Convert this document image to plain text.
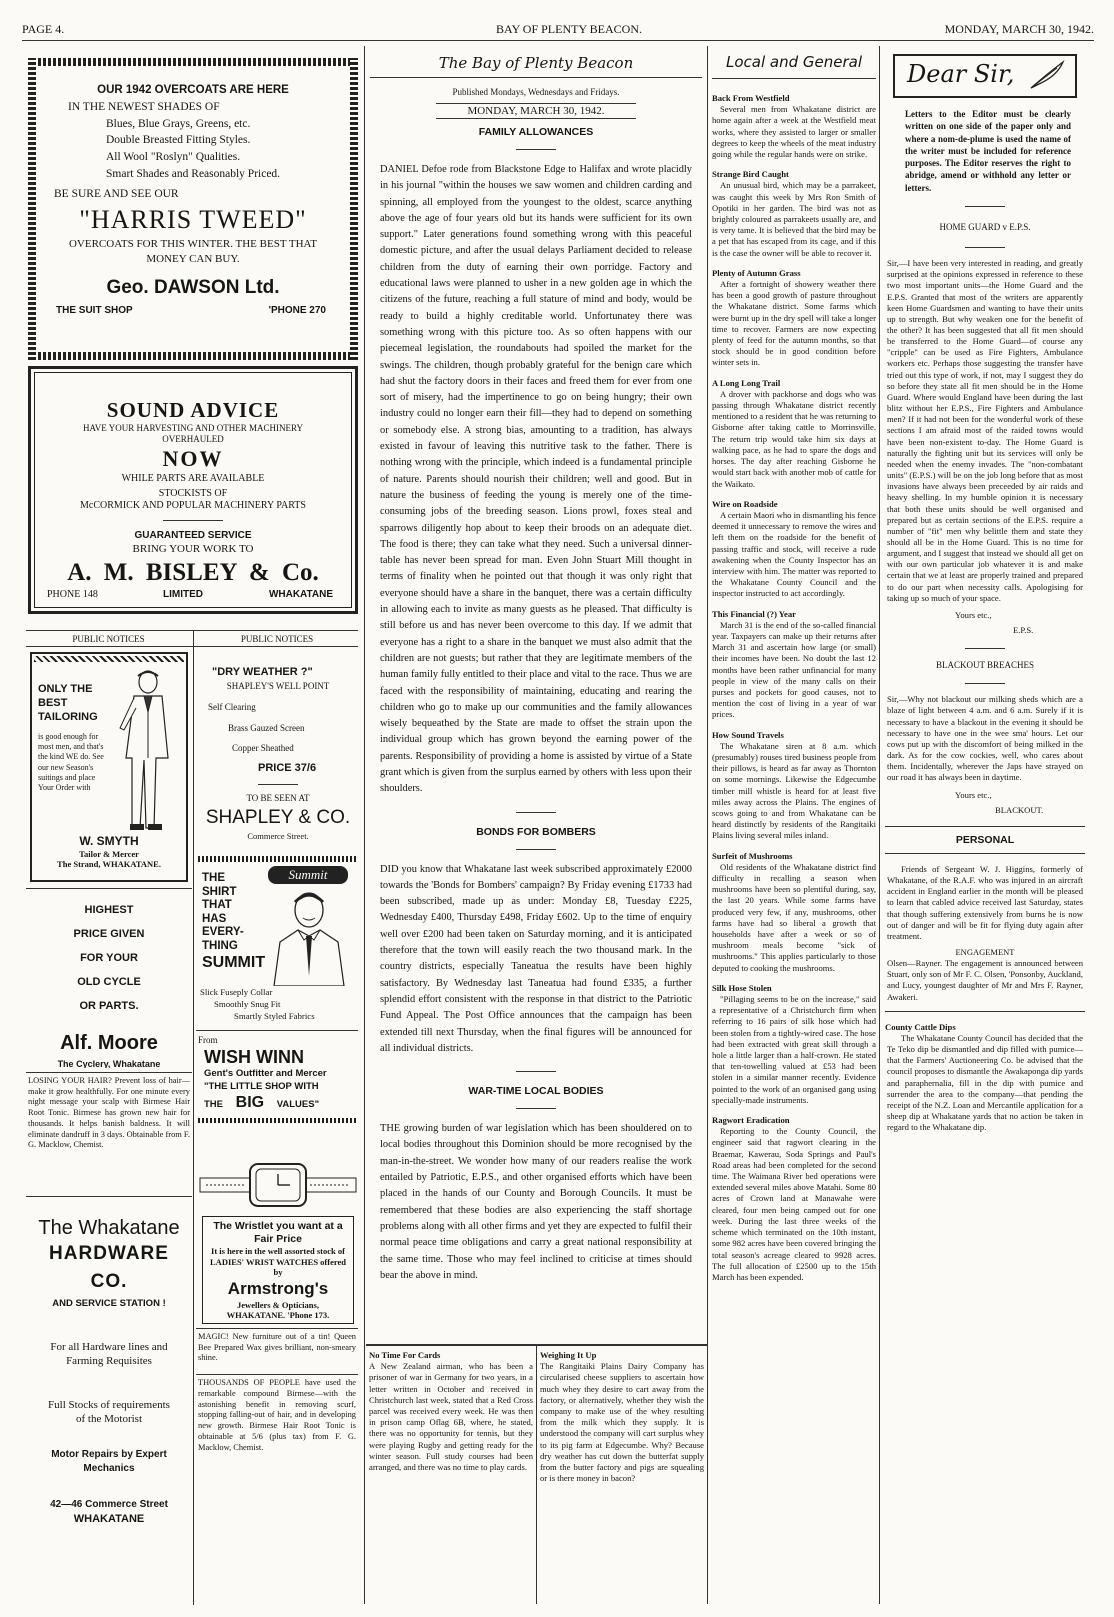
PAGE 4.	BAY OF PLENTY BEACON.	MONDAY, MARCH 30, 1942.

OUR 1942 OVERCOATS ARE HERE

IN THE NEWEST SHADES OF

Blues, Blue Grays, Greens, etc.

Double Breasted Fitting Styles.

All Wool "Roslyn" Qualities.

Smart Shades and Reasonably Priced.

BE SURE AND SEE OUR

"HARRIS TWEED"

OVERCOATS FOR THIS WINTER. THE BEST THAT MONEY CAN BUY.

Geo. DAWSON Ltd.

THE SUIT SHOP	'PHONE 270

SOUND ADVICE

HAVE YOUR HARVESTING AND OTHER MACHINERY OVERHAULED

NOW

WHILE PARTS ARE AVAILABLE

STOCKISTS OF

McCORMICK AND POPULAR MACHINERY PARTS

GUARANTEED SERVICE

BRING YOUR WORK TO

A. M. BISLEY & Co.

PHONE 148	LIMITED	WHAKATANE
PUBLIC NOTICES	PUBLIC NOTICES

ONLY THE

BEST

TAILORING

is good enough for most men, and that's the kind WE do. See our new Season's suitings and place Your Order with

W. SMYTH

Tailor & Mercer

The Strand, WHAKATANE.

"DRY WEATHER ?"

SHAPLEY'S WELL POINT

Self Clearing

Brass Gauzed Screen

Copper Sheathed

PRICE 37/6

TO BE SEEN AT

SHAPLEY & CO.

Commerce Street.

HIGHEST

PRICE GIVEN

FOR YOUR

OLD CYCLE

OR PARTS.

Alf. Moore

The Cyclery, Whakatane

LOSING YOUR HAIR? Prevent loss of hair—make it grow healthfully. For one minute every night message your scalp with Birmese Hair Root Tonic. Birmese has grown new hair for thousands. It helps banish baldness. It will eliminate dandruff in 3 days. Obtainable from F. G. Macklow, Chemist.

The Whakatane

HARDWARE CO.

AND SERVICE STATION !

For all Hardware lines and Farming Requisites

Full Stocks of requirements of the Motorist

Motor Repairs by Expert Mechanics

42—46 Commerce Street

WHAKATANE

THE

SHIRT

THAT

HAS

EVERY-

THING

SUMMIT

Summit

Slick Fuseply Collar

Smoothly Snug Fit

Smartly Styled Fabrics

From

WISH WINN

Gent's Outfitter and Mercer

"THE LITTLE SHOP WITH

THE BIG VALUES"

The Wristlet you want at a Fair Price

It is here in the well assorted stock of LADIES' WRIST WATCHES offered by

Armstrong's

Jewellers & Opticians,

WHAKATANE. 'Phone 173.

MAGIC! New furniture out of a tin! Queen Bee Prepared Wax gives brilliant, non-smeary shine.
THOUSANDS OF PEOPLE have used the remarkable compound Birmese—with the astonishing benefit in removing scurf, stopping falling-out of hair, and in developing new growth. Birmese Hair Root Tonic is obtainable at 5/6 (plus tax) from F. G. Macklow, Chemist.

The Bay of Plenty Beacon

Published Mondays, Wednesdays and Fridays.

MONDAY, MARCH 30, 1942.

FAMILY ALLOWANCES

DANIEL Defoe rode from Blackstone Edge to Halifax and wrote placidly in his journal "within the houses we saw women and children carding and spinning, all employed from the youngest to the oldest, scarce anything above the age of four years old but its hands were sufficient for its own support." Later generations found something wrong with this peaceful domestic picture, and after the usual delays Parliament decided to release children from the duty of earning their own porridge. Factory and educational laws were planned to usher in a new golden age in which the citizens of the future, reaching a full stature of mind and body, would be ready to build a highly creditable world. Unfortunatey there was something wrong with this picture too. As so often happens with our piecemeal legislation, the roundabouts had spoiled the market for the swings. The children, though probably grateful for the benign care which had shut the factory doors in their faces and freed them for ever from one sort of misery, had the impertinence to go on being hungry; their own industry could no longer earn their fill—they had to depend on something or somebody else. A strong bias, amounting to a tradition, has always existed in favour of leaving this nutritive task to the father. There is nothing wrong with the principle, which indeed is a fundamental principle of nature. Parents should nourish their children; well and good. But in nature the business of feeding the young is merely one of the time-consuming jobs of the breeding season. Lions prowl, foxes steal and sparrows diligently hop about to keep their broods on an adequate diet. The food is there; they can take what they need. Such a universal dinner-table has never been spread for man. Even John Stuart Mill thought in terms of finality when he pointed out that though it was only right that everyone should have a share in the banquet, there was a certain difficulty in allowing each to invite as many guests as he pleased. That difficulty is still before us and has never been overcome to this day. If we admit that everyone has a right to a share in the banquet we must also admit that the children are not guests; but rather that they are legitimate members of the human family fully entitled to their place and vital to the race. Thus we are faced with the responsibility of maintaining, educating and rearing the children who go to make up our communities and the family allowances wisely bequeathed by the State are made to offset the strain upon the individual group which has grown beyond the earning power of the parents. Responsibility of providing a home is assisted by virtue of a State grant which is given from the surplus earned by others with less upon their shoulders.

BONDS FOR BOMBERS

DID you know that Whakatane last week subscribed approximately £2000 towards the 'Bonds for Bombers' campaign? By Friday evening £1733 had been subscribed, made up as under: Monday £8, Tuesday £225, Wednesday £400, Thursday £498, Friday £602. Up to the time of enquiry well over £200 had been taken on Saturday morning, and it is anticipated therefore that the town will easily reach the two thousand mark. In the country districts, especially Taneatua the results have been highly satisfactory. By Wednesday last Taneatua had found £335, a further splendid effort consistent with the response in that district to the Patriotic Fund Appeal. The Post Office announces that the campaign has been extended till next Thursday, when the final figures will be announced for all individual districts.

WAR-TIME LOCAL BODIES

THE growing burden of war legislation which has been shouldered on to local bodies throughout this Dominion should be more recognised by the man-in-the-street. We wonder how many of our readers realise the work entailed by Patriotic, E.P.S., and other organised efforts which have been placed in the hands of our County and Borough Councils. It must be remembered that these bodies are also experiencing the staff shortage problems along with all other firms and yet they are expected to fulfil their normal peace time obligations and carry a great national responsibility at the same time. Those who may feel inclined to criticise at times should bear the above in mind.

No Time For Cards

A New Zealand airman, who has been a prisoner of war in Germany for two years, in a letter written in October and received in Christchurch last week, stated that a Red Cross parcel was received every week. He was then in prison camp Oflag 6B, where, he stated, there was no opportunity for tennis, but they were playing Rugby and getting ready for the winter season. Full study courses had been arranged, and there was no time to play cards.

Weighing It Up

The Rangitaiki Plains Dairy Company has circularised cheese suppliers to ascertain how much whey they desire to cart away from the factory, or alternatively, whether they wish the company to make use of the whey resulting from the milk which they supply. It is understood the company will cart surplus whey to its pig farm at Edgecumbe. Why? Because dry weather has cut down the butterfat supply from the butter factory and pigs are squealing or is there money in bacon?

Local and General

Back From Westfield

Several men from Whakatane district are home again after a week at the Westfield meat works, where they assisted to larger or smaller degrees to keep the wheels of the meat industry going while the regular hands were on strike.

Strange Bird Caught

An unusual bird, which may be a parrakeet, was caught this week by Mrs Ron Smith of Opotiki in her garden. The bird was not as brightly coloured as parrakeets usually are, and is very tame. It is believed that the bird may be a pet that has escaped from its cage, and if this is the case the owner will be able to recover it.

Plenty of Autumn Grass

After a fortnight of showery weather there has been a good growth of pasture throughout the Whakatane district. Some farms which were burnt up in the dry spell will take a longer time to recover. Farmers are now expecting plenty of feed for the autumn months, so that stock should be in good condition before winter sets in.

A Long Long Trail

A drover with packhorse and dogs who was passing through Whakatane district recently mentioned to a resident that he was returning to Gisborne after taking cattle to Morrinsville. The return trip would take him six days at walking pace, as he had to spare the dogs and horses. The day after reaching Gisborne he would start back with another mob of cattle for the Waikato.

Wire on Roadside

A certain Maori who in dismantling his fence deemed it unnecessary to remove the wires and left them on the roadside for the benefit of passing traffic and stock, will receive a rude awakening when the County Inspector has an interview with him. The matter was reported to the Whakatane County Council and the inspector instructed to act accordingly.

This Financial (?) Year

March 31 is the end of the so-called financial year. Taxpayers can make up their returns after March 31 and ascertain how large (or small) their incomes have been. No doubt the last 12 months have been rather unfinancial for many people in view of the many calls on their purses and pockets for good causes, not to mention the cost of living in a year of war prices.

How Sound Travels

The Whakatane siren at 8 a.m. which (presumably) rouses tired business people from their pillows, is heard as far away as Thornton on some mornings. Likewise the Edgecumbe timber mill whistle is heard for at least five miles away across the Plains. The engines of scows going to and from Whakatane can be heard distinctly by residents of the Rangitaiki Plains living several miles inland.

Surfeit of Mushrooms

Old residents of the Whakatane district find difficulty in recalling a season when mushrooms have been so plentiful during, say, the last 20 years. While some farms have produced very few, if any, mushrooms, other farms have had so liberal a growth that households have after a week or so of mushroom meals become "sick of mushrooms." This applies particularly to those deputed to cooking the mushrooms.

Silk Hose Stolen

"Pillaging seems to be on the increase," said a representative of a Christchurch firm when referring to 16 pairs of silk hose which had been stolen from a tightly-wired case. The hose had been extracted with great skill through a hole a little larger than a half-crown. He stated that ten-towelling valued at £53 had been stolen in a similar manner recently. Evidence pointed to the work of an organised gang using specially-made instruments.

Ragwort Eradication

Reporting to the County Council, the engineer said that ragwort clearing in the Braemar, Kawerau, Soda Springs and Paul's Road areas had been completed for the second time. The Waimana River bed operations were extended several miles above Matahi. Some 80 acres of Crown land at Manawahe were cleared, four men being camped out for one week. During the last three weeks of the scheme which terminated on the 10th instant, some 982 acres have been covered bringing the total season's acreage cleared to 9928 acres. The full allocation of £2500 up to the 15th March has been expended.

Dear Sir,

Letters to the Editor must be clearly written on one side of the paper only and where a nom-de-plume is used the name of the writer must be included for reference purposes. The Editor reserves the right to abridge, amend or withhold any letter or letters.

HOME GUARD v E.P.S.

Sir,—I have been very interested in reading, and greatly surprised at the opinions expressed in reference to these two most important units—the Home Guard and the E.P.S. Granted that most of the writers are apparently keen Home Guardsmen and wanting to have their units up to strength. But why weaken one for the benefit of the other? It has been suggested that all fit men should be transferred to the Home Guard—of course any "cripple" can be used as Fire Fighters, Ambulance workers etc. Perhaps those suggesting the transfer have tried out this type of work, if not, may I suggest they do so before they state all fit men should be in the Home Guard. Where would England have been during the last blitz without her E.P.S., Fire Fighters and Ambulance men? If it had not been for the wonderful work of these sections I am afraid most of the raided towns would have been non-existent to-day. The Home Guard is naturally the fighting unit but its services will only be needed when the enemy invades. The "non-combatant units" (E.P.S.) will be on the job long before that as most invasions have always been preceeded by air raids and heavy shelling. In my humble opinion it is necessary that both these units should be well organised and prepared but as certain sections of the E.P.S. require a number of "fit" men why belittle them and state they should all be in the Home Guard. This is no time for argument, and I suggest that instead we should all get on with our own particular job whatever it is and make certain that we at least are properly trained and prepared to do our part when necessity calls. Apologising for taking up so much of your space.

Yours etc.,

E.P.S.

BLACKOUT BREACHES

Sir,—Why not blackout our milking sheds which are a blaze of light between 4 a.m. and 6 a.m. Surely if it is necessary to have a blackout in the evening it should be necessary to have one in the wee sma' hours. Let our cows put up with the discomfort of being milked in the dark. As for the cow cockies, well, who cares about them. Incidentally, wherever the Japs have strayed on our road it has always been in daytime.

Yours etc.,

BLACKOUT.

PERSONAL

Friends of Sergeant W. J. Higgins, formerly of Whakatane, of the R.A.F. who was injured in an aircraft accident in England earlier in the month will be pleased to learn that cabled advice received last Saturday, states that though suffering extensively from burns he is now out of danger and will be fit for flying duty again after treatment.

ENGAGEMENT

Olsen—Rayner. The engagement is announced between Stuart, only son of Mr F. C. Olsen, 'Ponsonby, Auckland, and Lucy, youngest daughter of Mr and Mrs F. Rayner, Awakeri.

County Cattle Dips

The Whakatane County Council has decided that the Te Teko dip be dismantled and dip filled with pumice—that the Farmers' Auctioneering Co. be advised that the council proposes to dismantle the Awakaponga dip yards and paraphernalia, fill in the dip with pumice and surrender the area to the company—that pending the receipt of the N.Z. Loan and Mercantile application for a sheep dip at Whakatane yards that no action be taken in regard to the Whakatane dip.
